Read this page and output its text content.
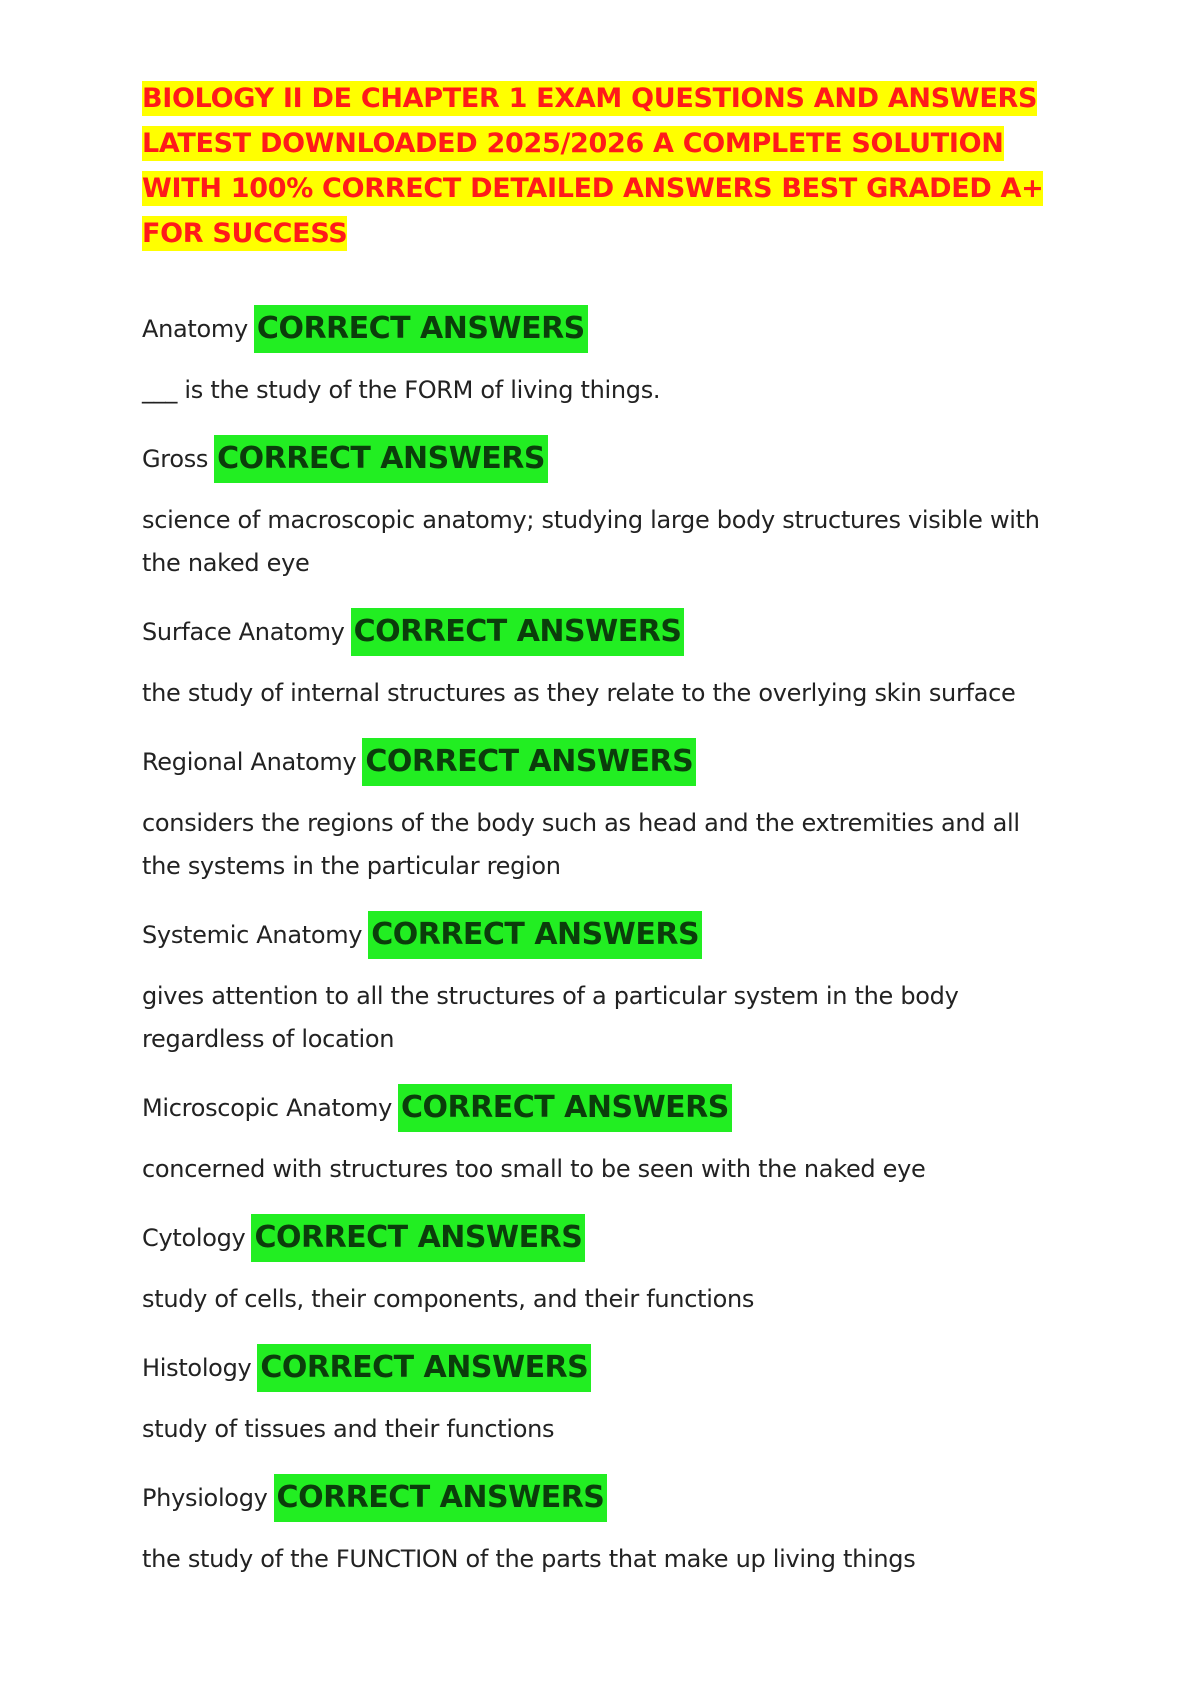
BIOLOGY II DE CHAPTER 1 EXAM QUESTIONS AND ANSWERS LATEST DOWNLOADED 2025/2026 A COMPLETE SOLUTION WITH 100% CORRECT DETAILED ANSWERS BEST GRADED A+ FOR SUCCESS

Anatomy CORRECT ANSWERS

___ is the study of the FORM of living things.

Gross CORRECT ANSWERS

science of macroscopic anatomy; studying large body structures visible with the naked eye

Surface Anatomy CORRECT ANSWERS

the study of internal structures as they relate to the overlying skin surface

Regional Anatomy CORRECT ANSWERS

considers the regions of the body such as head and the extremities and all the systems in the particular region

Systemic Anatomy CORRECT ANSWERS

gives attention to all the structures of a particular system in the body regardless of location

Microscopic Anatomy CORRECT ANSWERS

concerned with structures too small to be seen with the naked eye

Cytology CORRECT ANSWERS

study of cells, their components, and their functions

Histology CORRECT ANSWERS

study of tissues and their functions

Physiology CORRECT ANSWERS

the study of the FUNCTION of the parts that make up living things
